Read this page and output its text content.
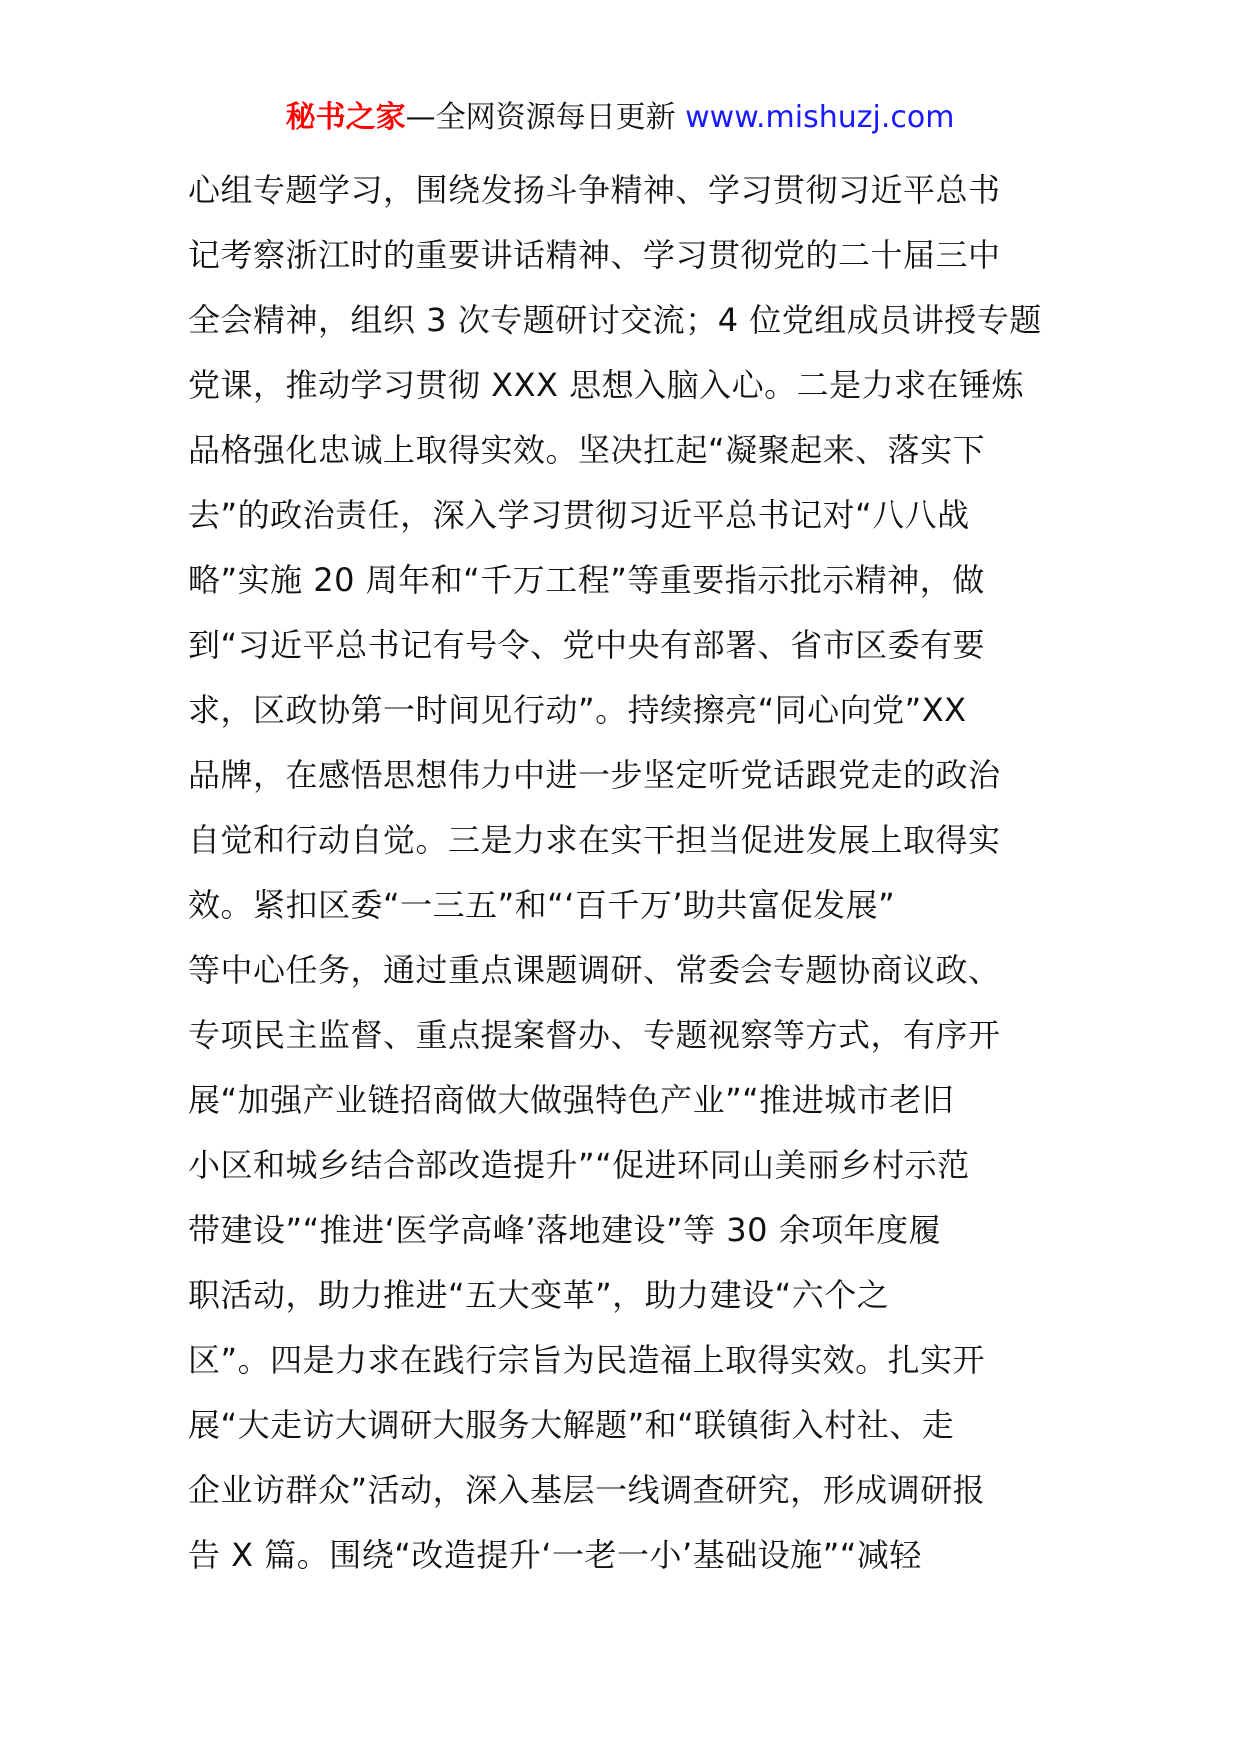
秘书之家—全网资源每日更新 www.mishuzj.com
心组专题学习，围绕发扬斗争精神、学习贯彻习近平总书
记考察浙江时的重要讲话精神、学习贯彻党的二十届三中
全会精神，组织 3 次专题研讨交流；4 位党组成员讲授专题
党课，推动学习贯彻 XXX 思想入脑入心。二是力求在锤炼
品格强化忠诚上取得实效。坚决扛起“凝聚起来、落实下
去”的政治责任，深入学习贯彻习近平总书记对“八八战
略”实施 20 周年和“千万工程”等重要指示批示精神，做
到“习近平总书记有号令、党中央有部署、省市区委有要
求，区政协第一时间见行动”。持续擦亮“同心向党”XX
品牌，在感悟思想伟力中进一步坚定听党话跟党走的政治
自觉和行动自觉。三是力求在实干担当促进发展上取得实
效。紧扣区委“一三五”和“‘百千万’助共富促发展”
等中心任务，通过重点课题调研、常委会专题协商议政、
专项民主监督、重点提案督办、专题视察等方式，有序开
展“加强产业链招商做大做强特色产业”“推进城市老旧
小区和城乡结合部改造提升”“促进环同山美丽乡村示范
带建设”“推进‘医学高峰’落地建设”等 30 余项年度履
职活动，助力推进“五大变革”，助力建设“六个之
区”。四是力求在践行宗旨为民造福上取得实效。扎实开
展“大走访大调研大服务大解题”和“联镇街入村社、走
企业访群众”活动，深入基层一线调查研究，形成调研报
告 X 篇。围绕“改造提升‘一老一小’基础设施”“减轻
